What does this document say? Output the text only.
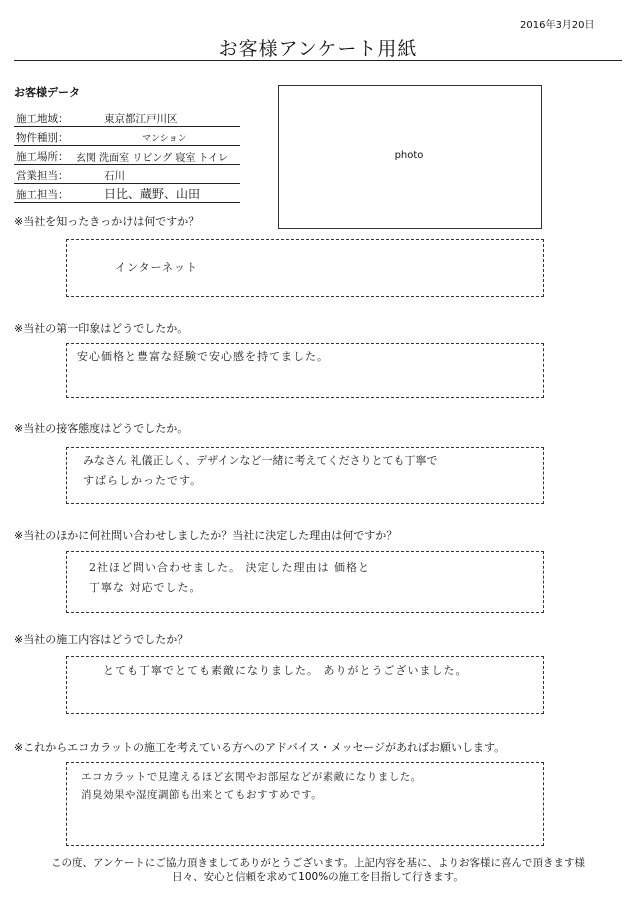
2016年3月20日
お客様アンケート用紙
お客様データ
施工地域：	東京都江戸川区
物件種別：	マンション
施工場所： 玄関 洗面室 リビング 寝室 トイレ
営業担当：	石川
施工担当：	日比、蔵野、山田
photo
※当社を知ったきっかけは何ですか？
インターネット
※当社の第一印象はどうでしたか。
安心価格と豊富な経験で安心感を持てました。
※当社の接客態度はどうでしたか。
みなさん 礼儀正しく、デザインなど一緒に考えてくださりとても丁寧で
すばらしかったです。
※当社のほかに何社問い合わせしましたか？当社に決定した理由は何ですか？
2社ほど問い合わせました。 決定した理由は 価格と
丁寧な 対応でした。
※当社の施工内容はどうでしたか？
とても丁寧でとても素敵になりました。 ありがとうございました。
※これからエコカラットの施工を考えている方へのアドバイス・メッセージがあればお願いします。
エコカラットで見違えるほど玄関やお部屋などが素敵になりました。
消臭効果や湿度調節も出来とてもおすすめです。
この度、アンケートにご協力頂きましてありがとうございます。上記内容を基に、よりお客様に喜んで頂きます様
日々、安心と信頼を求めて100%の施工を目指して行きます。
